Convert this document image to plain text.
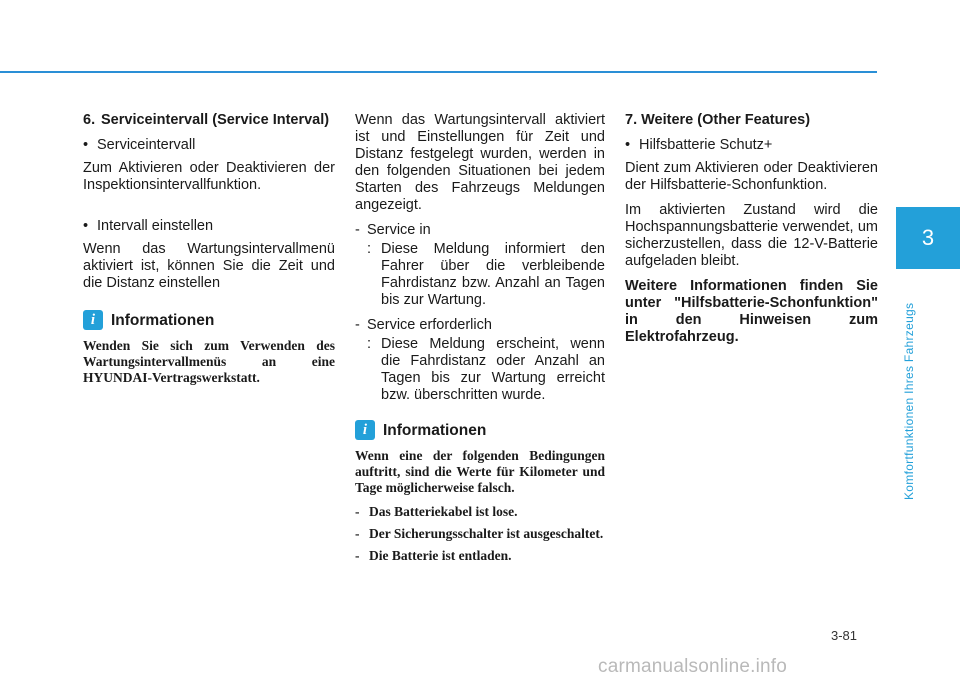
3
Komfortfunktionen Ihres Fahrzeugs
6. Serviceintervall (Service Interval)
• Serviceintervall

Zum Aktivieren oder Deaktivieren der Inspektionsintervallfunktion.

• Intervall einstellen

Wenn das Wartungsintervallmenü aktiviert ist, können Sie die Zeit und die Distanz einstellen

i	Informationen

Wenden Sie sich zum Verwenden des Wartungsintervallmenüs an eine HYUNDAI-Vertragswerkstatt.

Wenn das Wartungsintervall aktiviert ist und Einstellungen für Zeit und Distanz festgelegt wurden, werden in den folgenden Situationen bei jedem Starten des Fahrzeugs Meldungen angezeigt.

- Service in
: Diese Meldung informiert den Fahrer über die verbleibende Fahrdistanz bzw. Anzahl an Tagen bis zur Wartung.
- Service erforderlich
: Diese Meldung erscheint, wenn die Fahrdistanz oder Anzahl an Tagen bis zur Wartung erreicht bzw. überschritten wurde.
i	Informationen

Wenn eine der folgenden Bedingungen auftritt, sind die Werte für Kilometer und Tage möglicherweise falsch.

- Das Batteriekabel ist lose.
- Der Sicherungsschalter ist ausgeschaltet.
- Die Batterie ist entladen.

7. Weitere (Other Features)

• Hilfsbatterie Schutz+

Dient zum Aktivieren oder Deaktivieren der Hilfsbatterie-Schonfunktion.

Im aktivierten Zustand wird die Hochspannungsbatterie verwendet, um sicherzustellen, dass die 12-V-Batterie aufgeladen bleibt.

Weitere Informationen finden Sie unter "Hilfsbatterie-Schonfunktion" in den Hinweisen zum Elektrofahrzeug.

3-81
carmanualsonline.info
